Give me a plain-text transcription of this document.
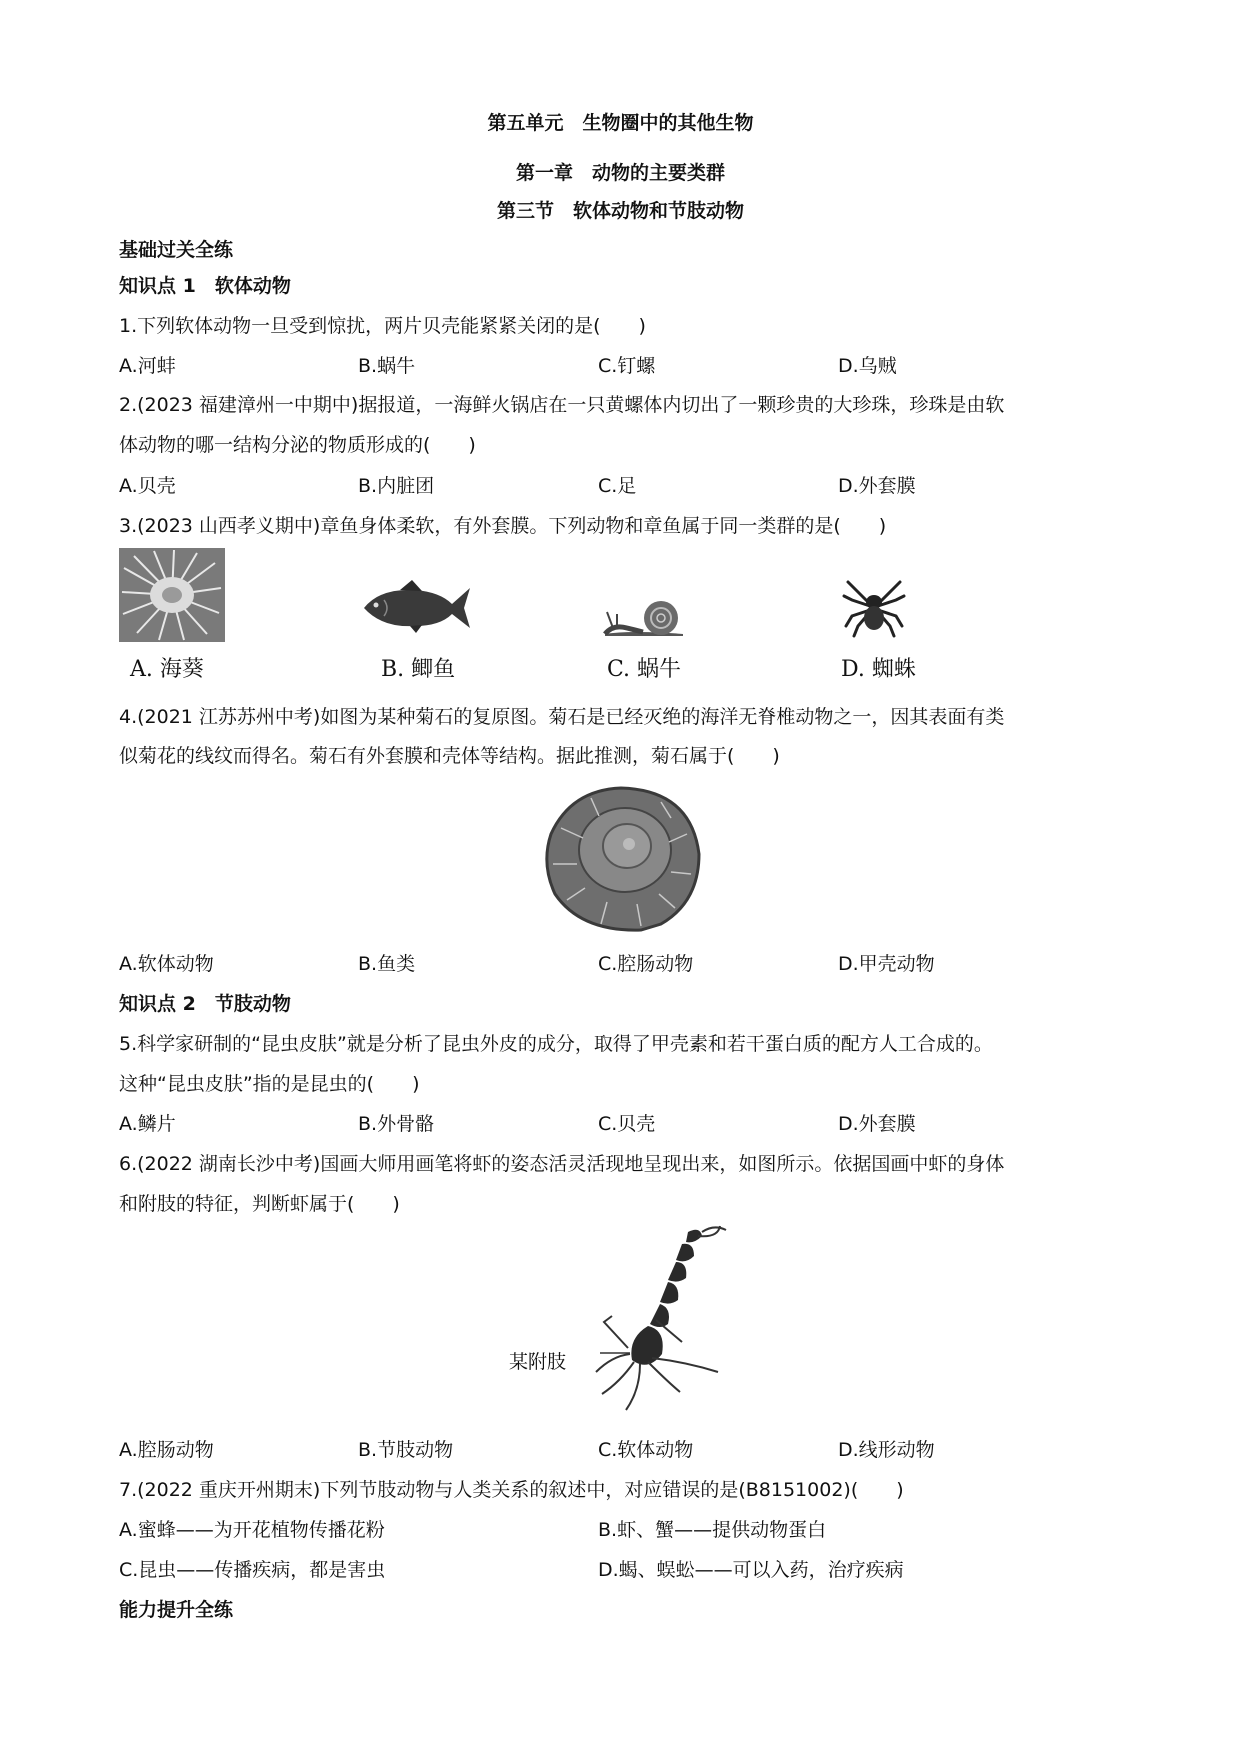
第五单元　生物圈中的其他生物
第一章　动物的主要类群
第三节　软体动物和节肢动物
基础过关全练
知识点 1　软体动物
1.下列软体动物一旦受到惊扰，两片贝壳能紧紧关闭的是(　　)
A.河蚌	B.蜗牛	C.钉螺	D.乌贼
2.(2023 福建漳州一中期中)据报道，一海鲜火锅店在一只黄螺体内切出了一颗珍贵的大珍珠，珍珠是由软
体动物的哪一结构分泌的物质形成的(　　)
A.贝壳	B.内脏团	C.足	D.外套膜
3.(2023 山西孝义期中)章鱼身体柔软，有外套膜。下列动物和章鱼属于同一类群的是(　　)
A. 海葵	B. 鲫鱼	C. 蜗牛	D. 蜘蛛
4.(2021 江苏苏州中考)如图为某种菊石的复原图。菊石是已经灭绝的海洋无脊椎动物之一，因其表面有类
似菊花的线纹而得名。菊石有外套膜和壳体等结构。据此推测，菊石属于(　　)
A.软体动物	B.鱼类	C.腔肠动物	D.甲壳动物
知识点 2　节肢动物
5.科学家研制的“昆虫皮肤”就是分析了昆虫外皮的成分，取得了甲壳素和若干蛋白质的配方人工合成的。
这种“昆虫皮肤”指的是昆虫的(　　)
A.鳞片	B.外骨骼	C.贝壳	D.外套膜
6.(2022 湖南长沙中考)国画大师用画笔将虾的姿态活灵活现地呈现出来，如图所示。依据国画中虾的身体
和附肢的特征，判断虾属于(　　)
某附肢
A.腔肠动物	B.节肢动物	C.软体动物	D.线形动物
7.(2022 重庆开州期末)下列节肢动物与人类关系的叙述中，对应错误的是(B8151002)(　　)
A.蜜蜂——为开花植物传播花粉	B.虾、蟹——提供动物蛋白
C.昆虫——传播疾病，都是害虫	D.蝎、蜈蚣——可以入药，治疗疾病
能力提升全练
